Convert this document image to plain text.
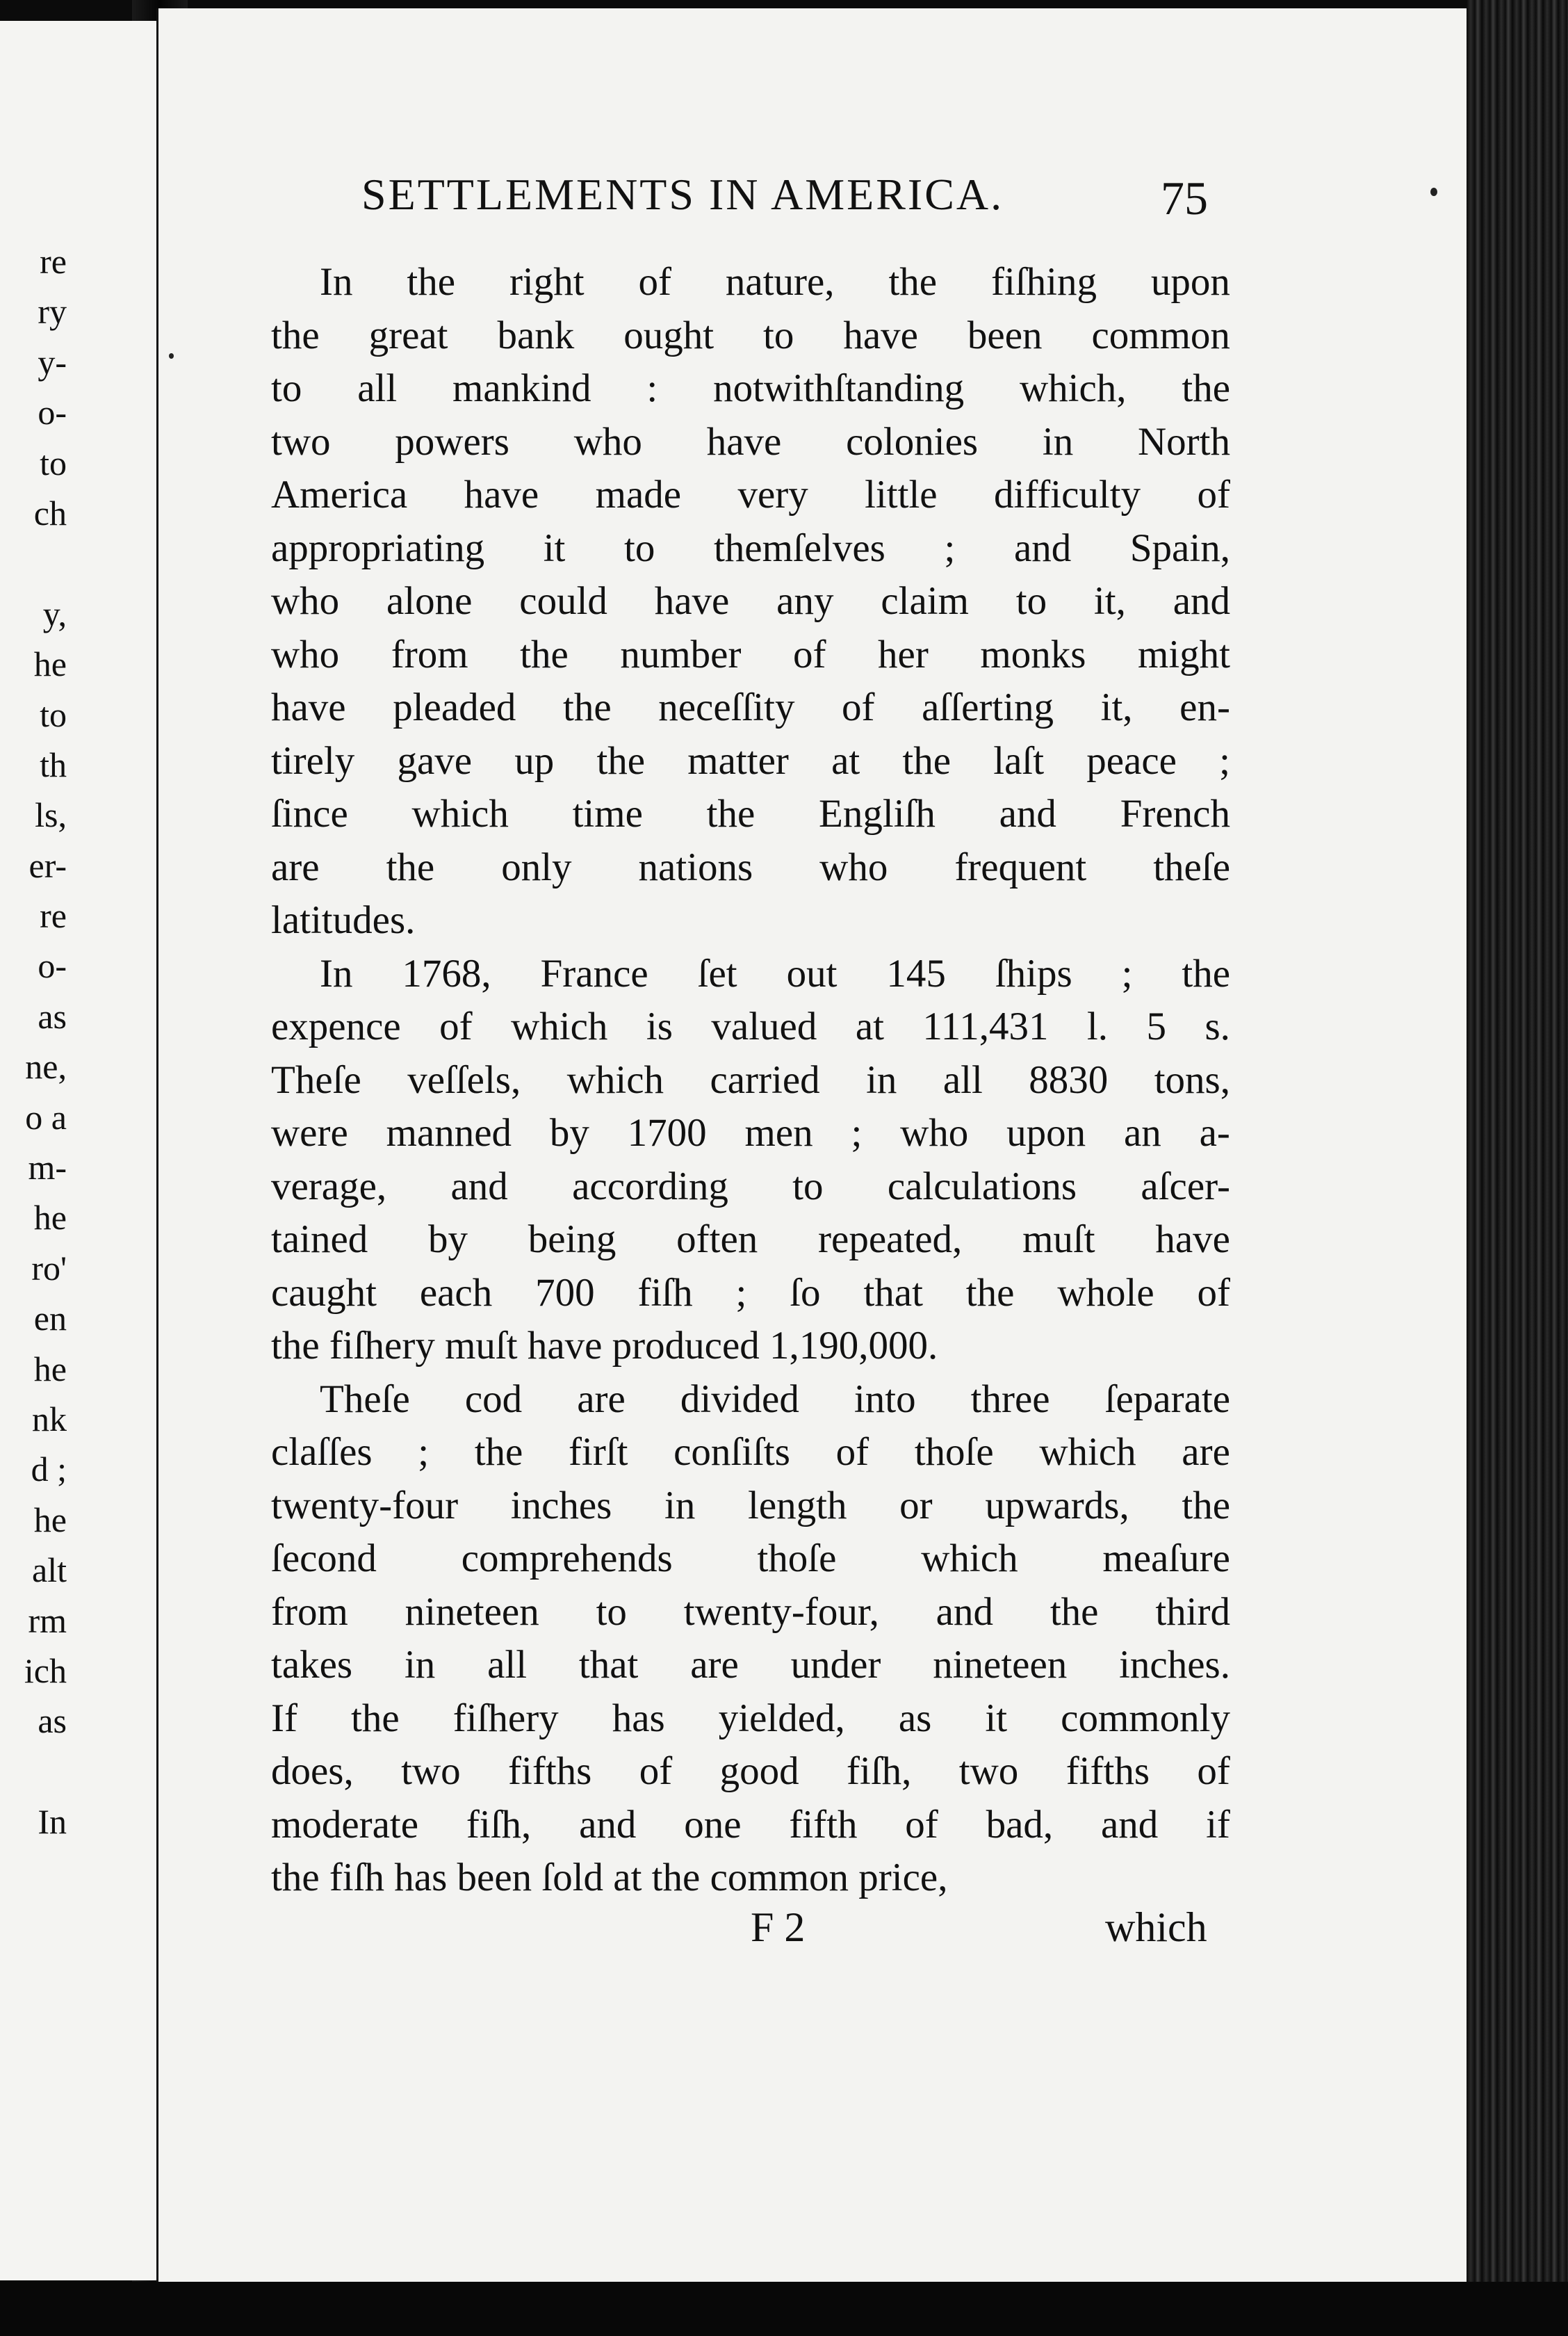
re
ry
y-
o-
to
ch
y,
he
to
th
ls,
er-
re
o-
as
ne,
o a
m-
he
ro'
en
he
nk
d ;
he
alt
rm
ich
as
In
SETTLEMENTS IN AMERICA.	75
In the right of nature, the fiſhing upon
the great bank ought to have been common
to all mankind : notwithſtanding which, the
two powers who have colonies in North
America have made very little difficulty of
appropriating it to themſelves ; and Spain,
who alone could have any claim to it, and
who from the number of her monks might
have pleaded the neceſſity of aſſerting it, en-
tirely gave up the matter at the laſt peace ;
ſince which time the Engliſh and French
are the only nations who frequent theſe
latitudes.
In 1768, France ſet out 145 ſhips ; the
expence of which is valued at 111,431 l. 5 s.
Theſe veſſels, which carried in all 8830 tons,
were manned by 1700 men ; who upon an a-
verage, and according to calculations aſcer-
tained by being often repeated, muſt have
caught each 700 fiſh ; ſo that the whole of
the fiſhery muſt have produced 1,190,000.
Theſe cod are divided into three ſeparate
claſſes ; the firſt conſiſts of thoſe which are
twenty-four inches in length or upwards, the
ſecond comprehends thoſe which meaſure
from nineteen to twenty-four, and the third
takes in all that are under nineteen inches.
If the fiſhery has yielded, as it commonly
does, two fifths of good fiſh, two fifths of
moderate fiſh, and one fifth of bad, and if
the fiſh has been ſold at the common price,
F 2	which
